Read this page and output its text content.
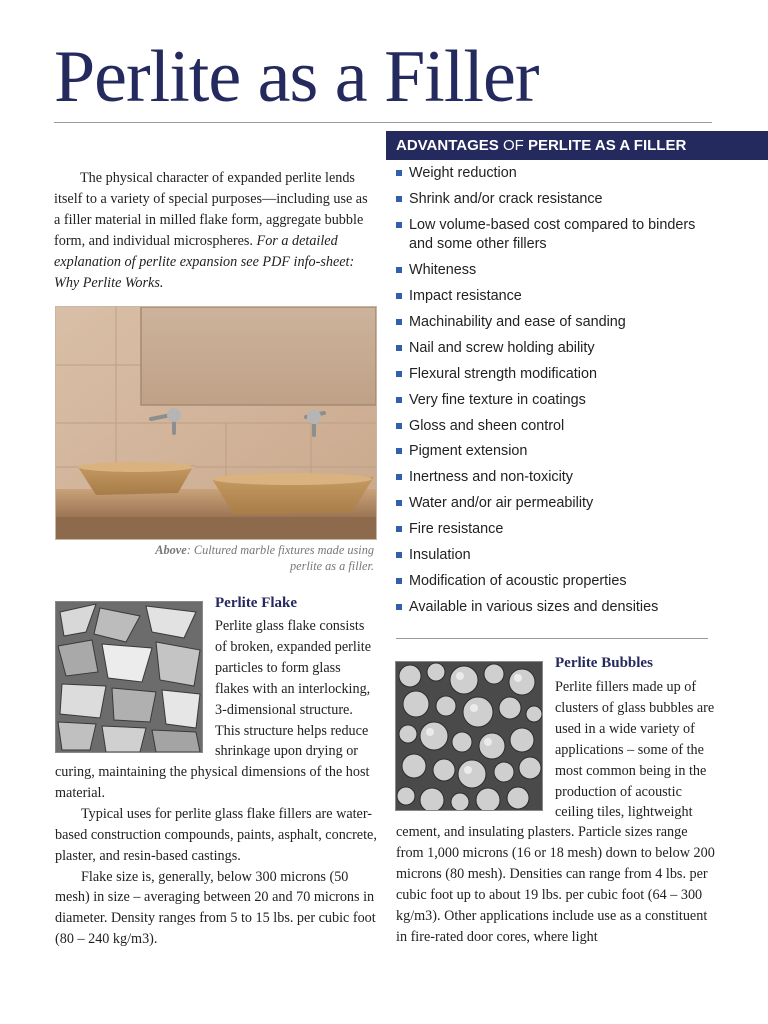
Perlite as a Filler

The physical character of expanded perlite lends itself to a variety of special purposes—including use as a filler material in milled flake form, aggregate bubble form, and individual microspheres. For a detailed explanation of perlite expansion see PDF info-sheet: Why Perlite Works.

Above: Cultured marble fixtures made using perlite as a filler.

Perlite Flake

Perlite glass flake consists of broken, expanded perlite particles to form glass flakes with an interlocking, 3-dimensional structure. This structure helps reduce shrinkage upon drying or

curing, maintaining the physical dimensions of the host material.

Typical uses for perlite glass flake fillers are water-based construction compounds, paints, asphalt, concrete, plaster, and resin-based castings.

Flake size is, generally, below 300 microns (50 mesh) in size – averaging between 20 and 70 microns in diameter. Density ranges from 5 to 15 lbs. per cubic foot (80 – 240 kg/m3).

ADVANTAGES OF PERLITE AS A FILLER
Weight reduction
Shrink and/or crack resistance
Low volume-based cost compared to binders and some other fillers
Whiteness
Impact resistance
Machinability and ease of sanding
Nail and screw holding ability
Flexural strength modification
Very fine texture in coatings
Gloss and sheen control
Pigment extension
Inertness and non-toxicity
Water and/or air permeability
Fire resistance
Insulation
Modification of acoustic properties
Available in various sizes and densities
Perlite Bubbles

Perlite fillers made up of clusters of glass bubbles are used in a wide variety of applications – some of the most common being in the production of acoustic ceiling tiles, lightweight

cement, and insulating plasters. Particle sizes range from 1,000 microns (16 or 18 mesh) down to below 200 microns (80 mesh). Densities can range from 4 lbs. per cubic foot up to about 19 lbs. per cubic foot (64 – 300 kg/m3). Other applications include use as a constituent in fire-rated door cores, where light
